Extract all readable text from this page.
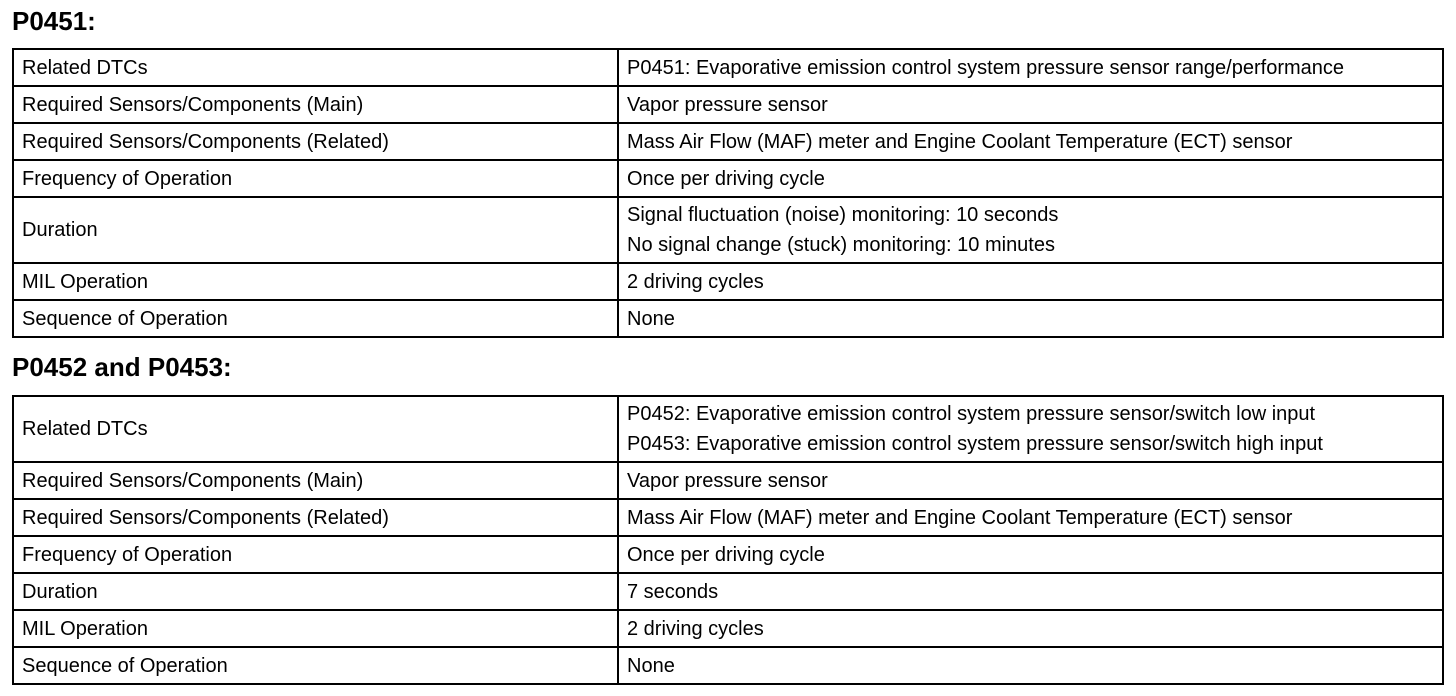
P0451:
Related DTCs	P0451: Evaporative emission control system pressure sensor range/performance

Required Sensors/Components (Main)	Vapor pressure sensor

Required Sensors/Components (Related)	Mass Air Flow (MAF) meter and Engine Coolant Temperature (ECT) sensor

Frequency of Operation	Once per driving cycle

Duration	Signal fluctuation (noise) monitoring: 10 seconds
No signal change (stuck) monitoring: 10 minutes

MIL Operation	2 driving cycles

Sequence of Operation	None
P0452 and P0453:
Related DTCs	P0452: Evaporative emission control system pressure sensor/switch low input
P0453: Evaporative emission control system pressure sensor/switch high input

Required Sensors/Components (Main)	Vapor pressure sensor

Required Sensors/Components (Related)	Mass Air Flow (MAF) meter and Engine Coolant Temperature (ECT) sensor

Frequency of Operation	Once per driving cycle

Duration	7 seconds

MIL Operation	2 driving cycles

Sequence of Operation	None
